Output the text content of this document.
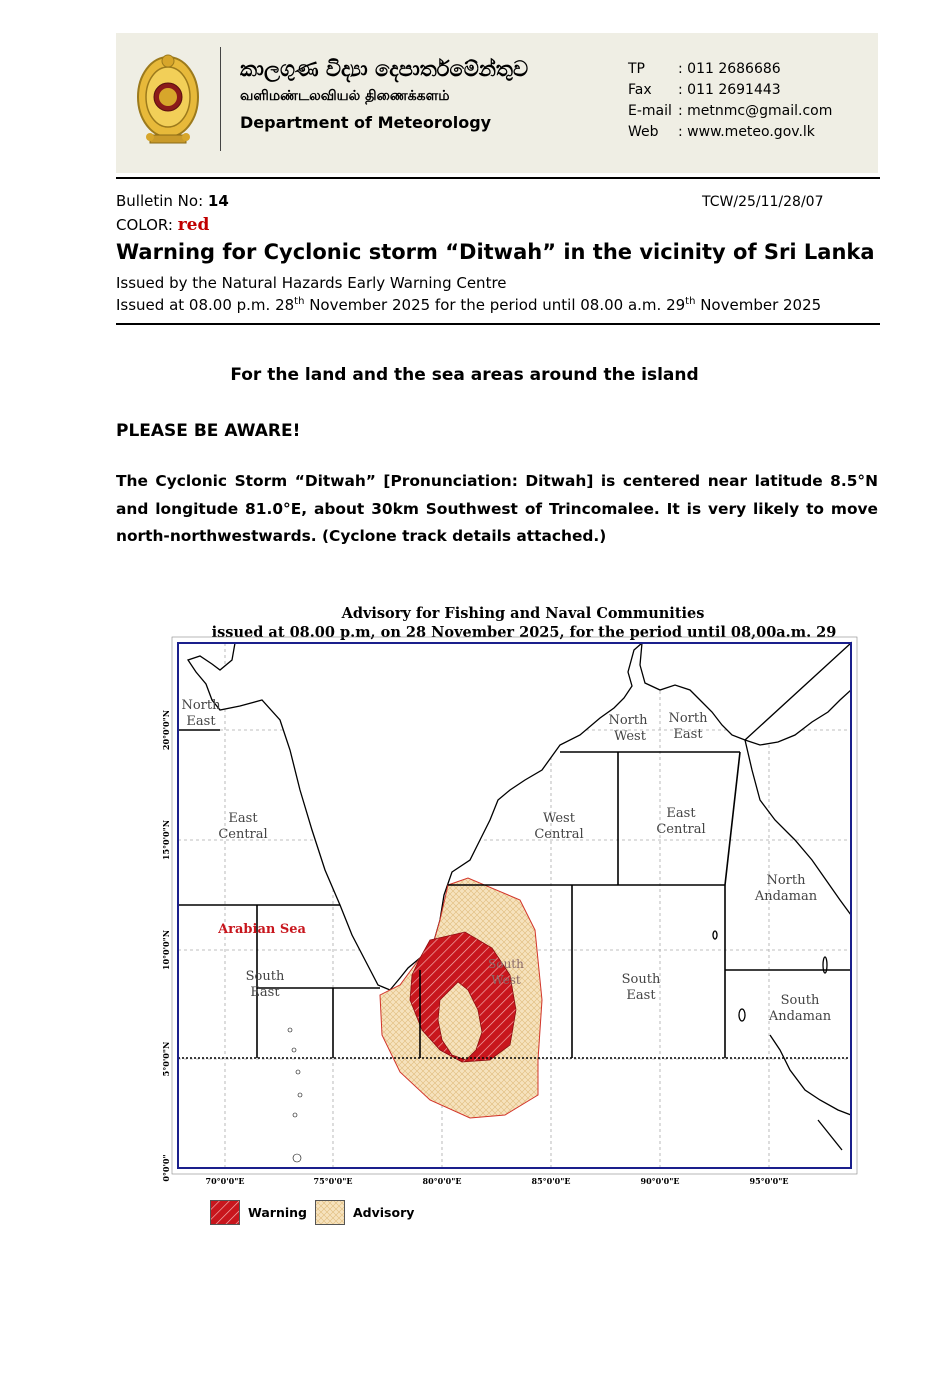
කාලගුණ විද්‍යා දෙපාර්තමේන්තුව
வளிமண்டலவியல் திணைக்களம்
Department of Meteorology
TP	: 011 2686686
Fax	: 011 2691443
E-mail : metnmc@gmail.com
Web	: www.meteo.gov.lk
Bulletin No: 14	TCW/25/11/28/07
COLOR: red
Warning for Cyclonic storm “Ditwah” in the vicinity of Sri Lanka
Issued by the Natural Hazards Early Warning Centre
Issued at 08.00 p.m. 28th November 2025 for the period until 08.00 a.m. 29th November 2025
For the land and the sea areas around the island
PLEASE BE AWARE!
The Cyclonic Storm “Ditwah” [Pronunciation: Ditwah] is centered near latitude 8.5°N and longitude 81.0°E, about 30km Southwest of Trincomalee. It is very likely to move north-northwestwards. (Cyclone track details attached.)
Advisory for Fishing and Naval Communities
issued at 08.00 p.m, on 28 November 2025, for the period until 08,00a.m. 29
North
East
East
Central
Arabian Sea
South
East
North
West
North
East
West
Central
East
Central
North
Andaman
South
West	South
East	South
Andaman
70°0'0"E	75°0'0"E	80°0'0"E	85°0'0"E	90°0'0"E	95°0'0"E
20°0'0"N
15°0'0"N
10°0'0"N
5°0'0"N
0°0'0"
Warning	Advisory
